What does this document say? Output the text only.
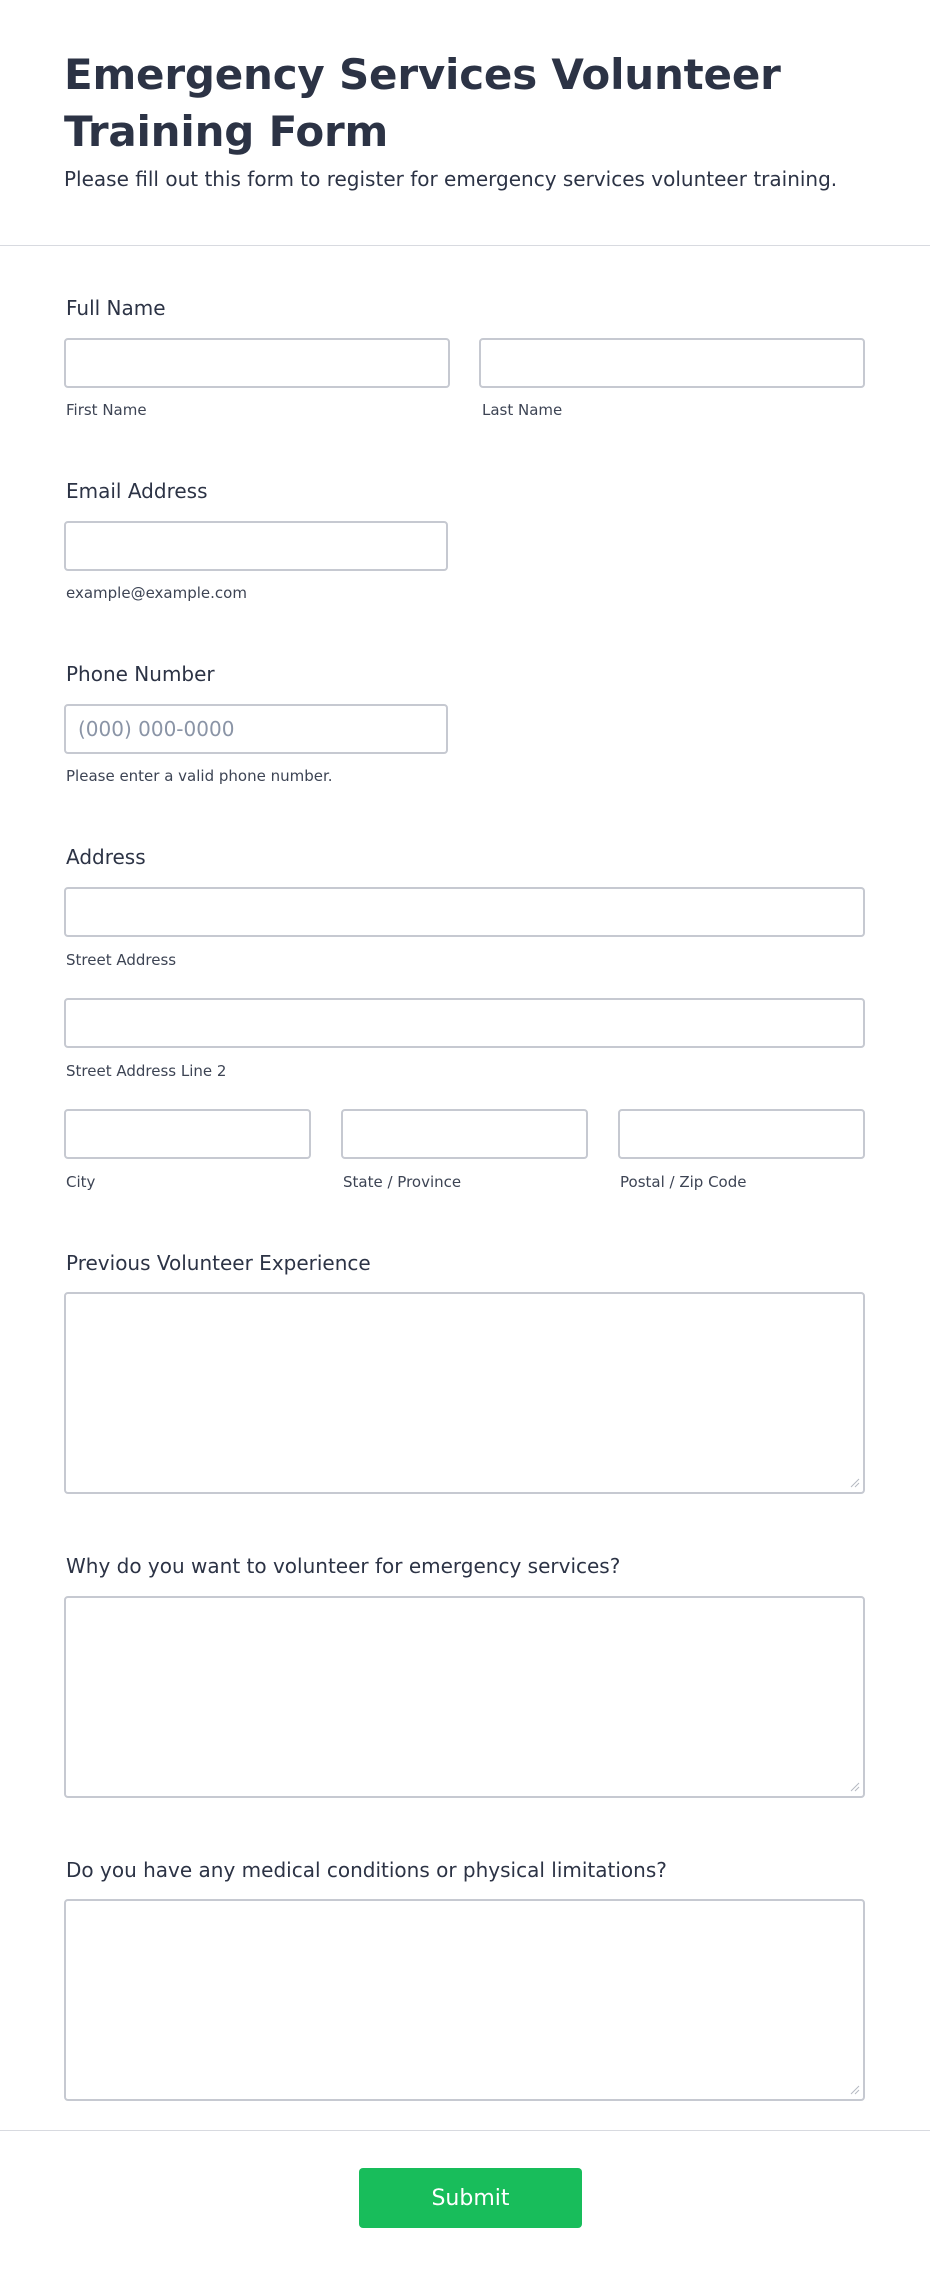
Emergency Services Volunteer Training Form

Please fill out this form to register for emergency services volunteer training.

Full Name
First Name	Last Name
Email Address
example@example.com
Phone Number
(000) 000-0000
Please enter a valid phone number.
Address
Street Address
Street Address Line 2
City	State / Province	Postal / Zip Code
Previous Volunteer Experience
Why do you want to volunteer for emergency services?
Do you have any medical conditions or physical limitations?
Submit
